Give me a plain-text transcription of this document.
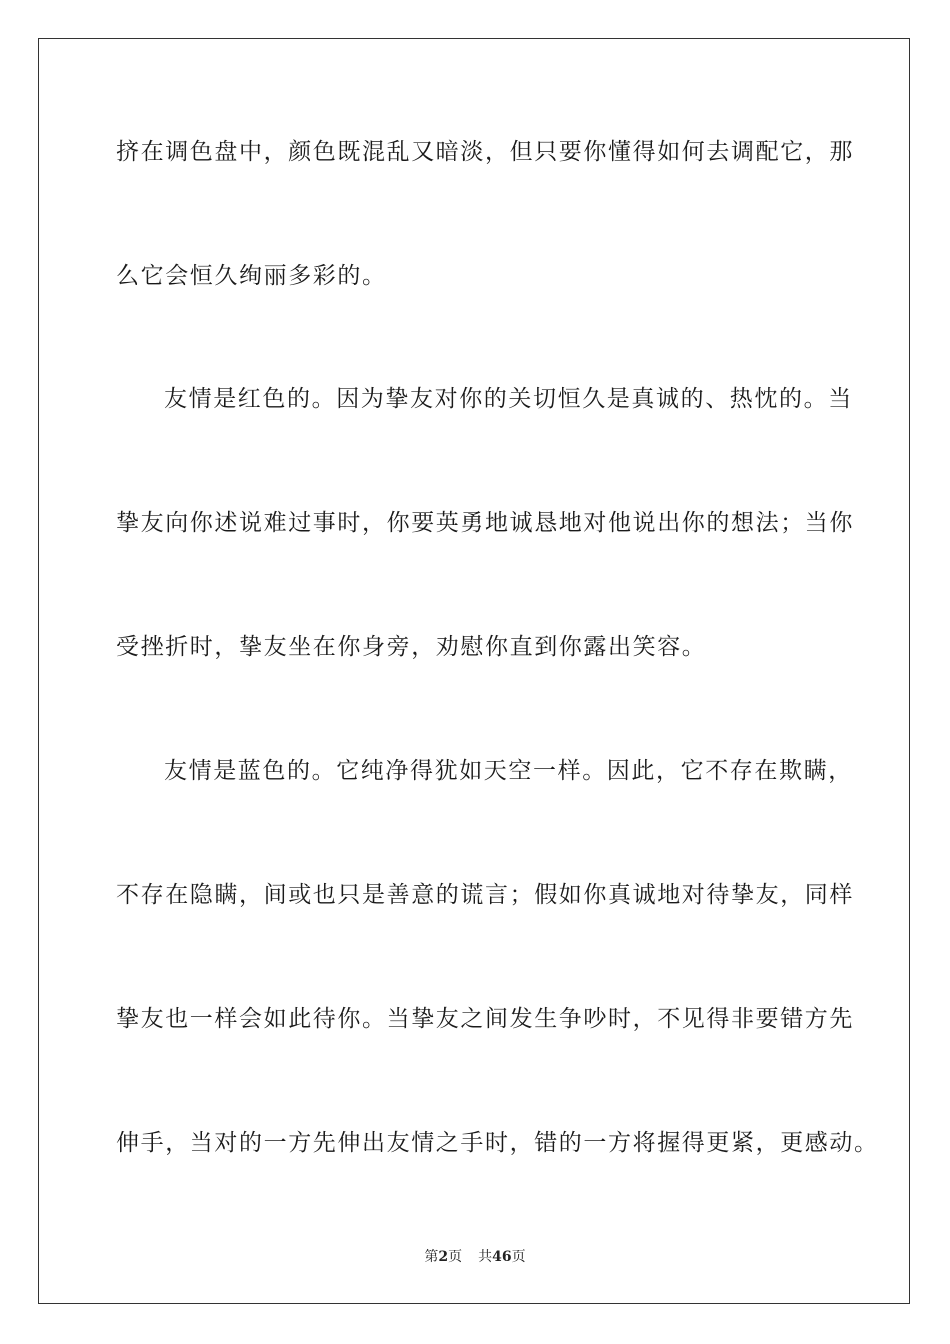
挤在调色盘中，颜色既混乱又暗淡，但只要你懂得如何去调配它，那
么它会恒久绚丽多彩的。
友情是红色的。因为挚友对你的关切恒久是真诚的、热忱的。当
挚友向你述说难过事时，你要英勇地诚恳地对他说出你的想法；当你
受挫折时，挚友坐在你身旁，劝慰你直到你露出笑容。
友情是蓝色的。它纯净得犹如天空一样。因此，它不存在欺瞒，
不存在隐瞒，间或也只是善意的谎言；假如你真诚地对待挚友，同样
挚友也一样会如此待你。当挚友之间发生争吵时，不见得非要错方先
伸手，当对的一方先伸出友情之手时，错的一方将握得更紧，更感动。
第2页 共46页
